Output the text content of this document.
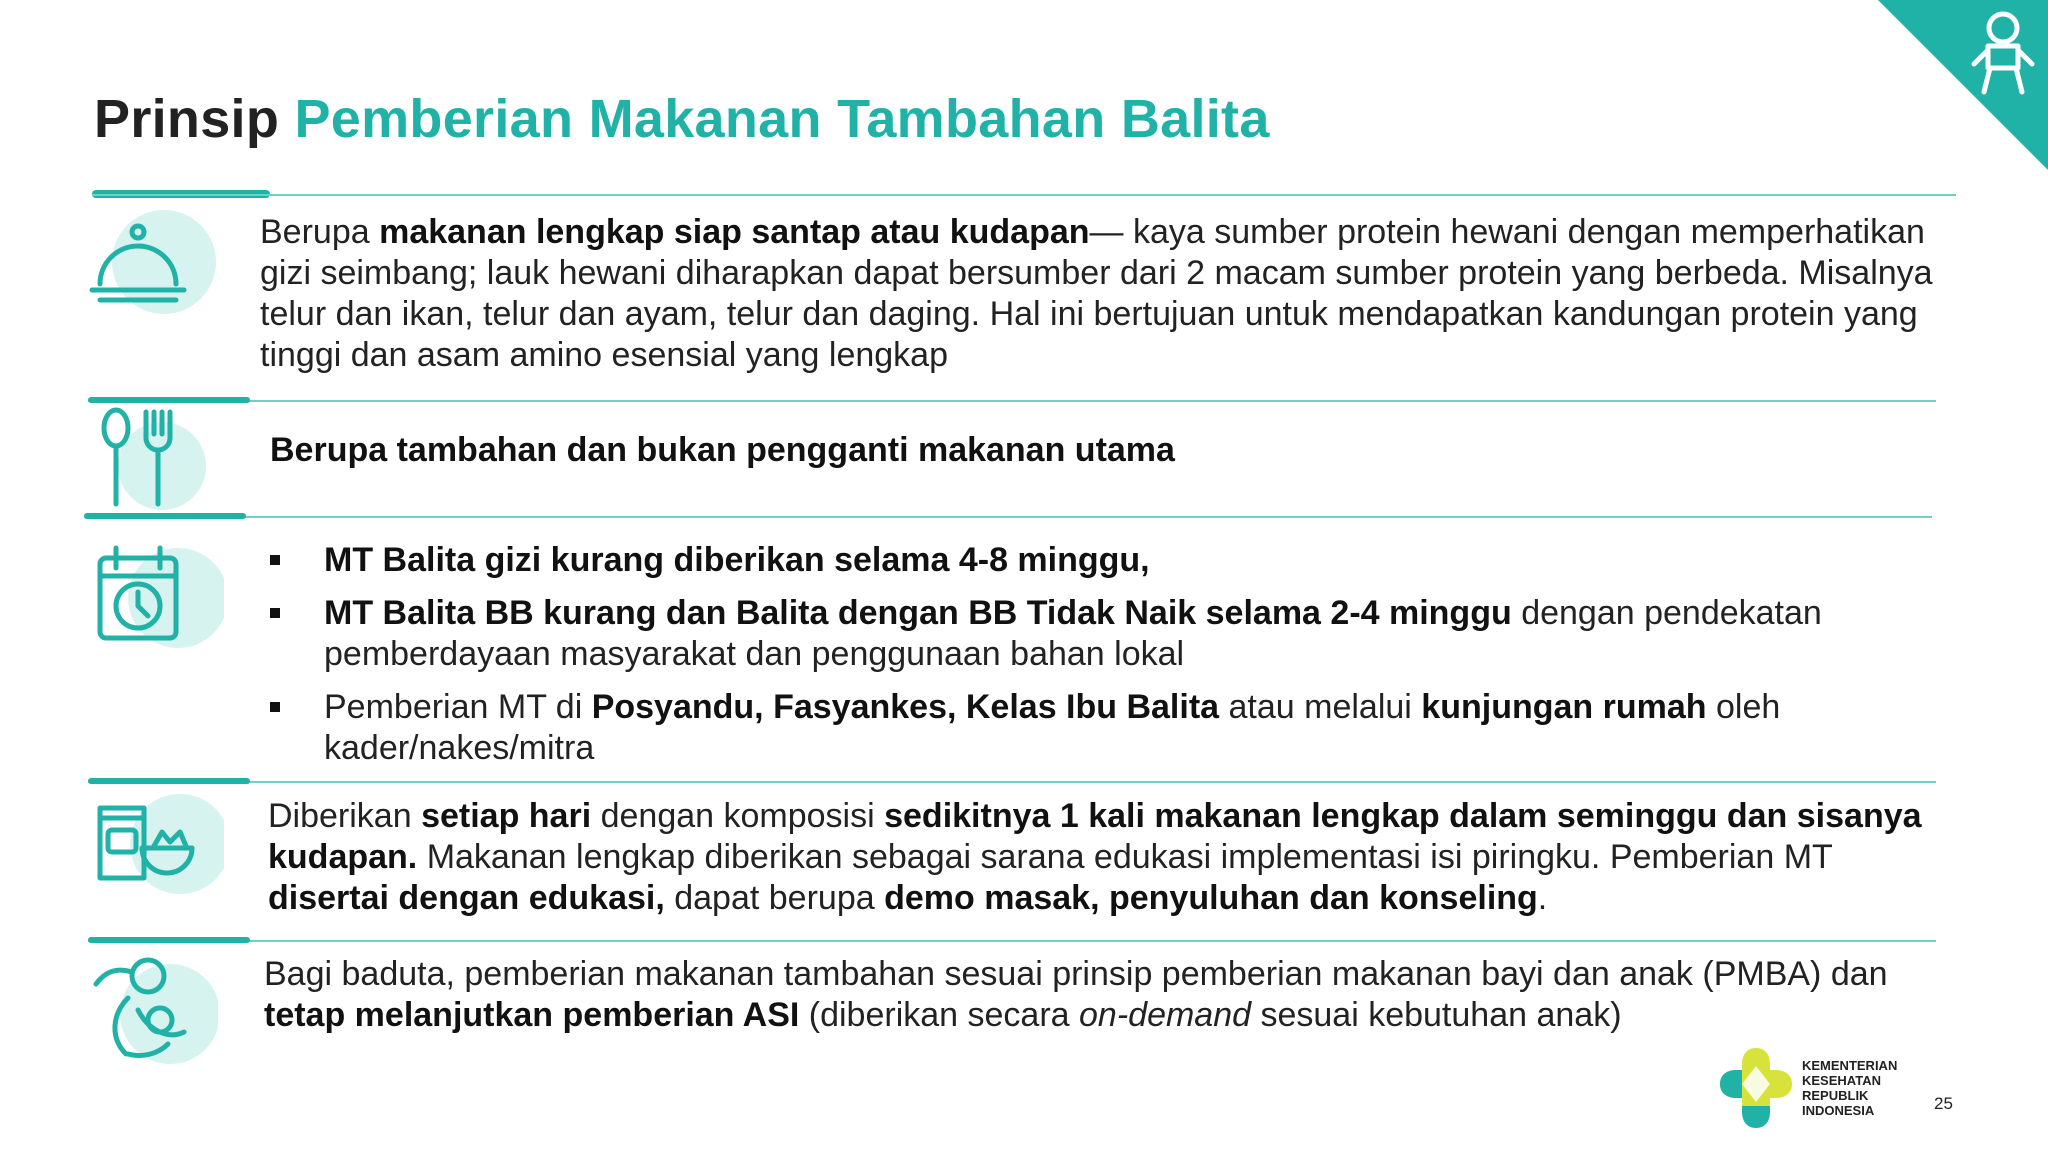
Prinsip Pemberian Makanan Tambahan Balita
Berupa makanan lengkap siap santap atau kudapan— kaya sumber protein hewani dengan memperhatikan gizi seimbang; lauk hewani diharapkan dapat bersumber dari 2 macam sumber protein yang berbeda. Misalnya telur dan ikan, telur dan ayam, telur dan daging. Hal ini bertujuan untuk mendapatkan kandungan protein yang tinggi dan asam amino esensial yang lengkap
Berupa tambahan dan bukan pengganti makanan utama
MT Balita gizi kurang diberikan selama 4-8 minggu,
MT Balita BB kurang dan Balita dengan BB Tidak Naik selama 2-4 minggu dengan pendekatan pemberdayaan masyarakat dan penggunaan bahan lokal
Pemberian MT di Posyandu, Fasyankes, Kelas Ibu Balita atau melalui kunjungan rumah oleh kader/nakes/mitra
Diberikan setiap hari dengan komposisi sedikitnya 1 kali makanan lengkap dalam seminggu dan sisanya kudapan. Makanan lengkap diberikan sebagai sarana edukasi implementasi isi piringku. Pemberian MT disertai dengan edukasi, dapat berupa demo masak, penyuluhan dan konseling.
Bagi baduta, pemberian makanan tambahan sesuai prinsip pemberian makanan bayi dan anak (PMBA) dan tetap melanjutkan pemberian ASI (diberikan secara on-demand sesuai kebutuhan anak)
KEMENTERIAN
KESEHATAN
REPUBLIK
INDONESIA	25
